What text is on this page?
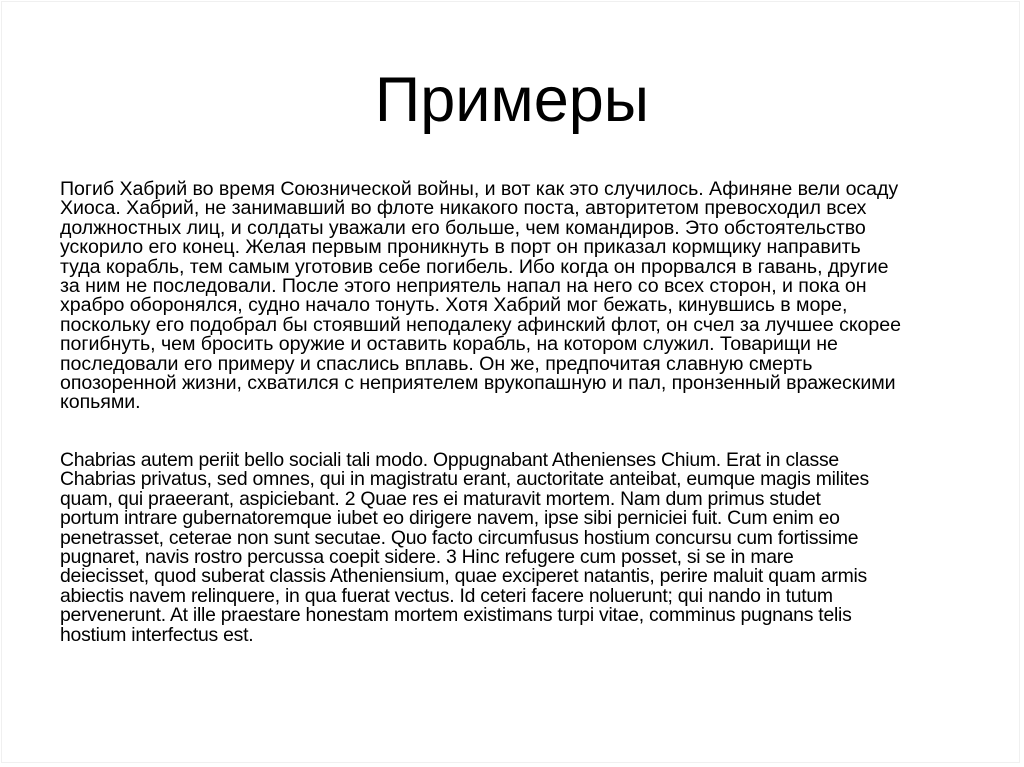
Примеры

Погиб Хабрий во время Союзнической войны, и вот как это случилось. Афиняне вели осаду
Хиоса. Хабрий, не занимавший во флоте никакого поста, авторитетом превосходил всех
должностных лиц, и солдаты уважали его больше, чем командиров. Это обстоятельство
ускорило его конец. Желая первым проникнуть в порт он приказал кормщику направить
туда корабль, тем самым уготовив себе погибель. Ибо когда он прорвался в гавань, другие
за ним не последовали. После этого неприятель напал на него со всех сторон, и пока он
храбро оборонялся, судно начало тонуть. Хотя Хабрий мог бежать, кинувшись в море,
поскольку его подобрал бы стоявший неподалеку афинский флот, он счел за лучшее скорее
погибнуть, чем бросить оружие и оставить корабль, на котором служил. Товарищи не
последовали его примеру и спаслись вплавь. Он же, предпочитая славную смерть
опозоренной жизни, схватился с неприятелем врукопашную и пал, пронзенный вражескими
копьями.

Chabrias autem periit bello sociali tali modo. Oppugnabant Athenienses Chium. Erat in classe
Chabrias privatus, sed omnes, qui in magistratu erant, auctoritate anteibat, eumque magis milites
quam, qui praeerant, aspiciebant. 2 Quae res ei maturavit mortem. Nam dum primus studet
portum intrare gubernatoremque iubet eo dirigere navem, ipse sibi perniciei fuit. Cum enim eo
penetrasset, ceterae non sunt secutae. Quo facto circumfusus hostium concursu cum fortissime
pugnaret, navis rostro percussa coepit sidere. 3 Hinc refugere cum posset, si se in mare
deiecisset, quod suberat classis Atheniensium, quae exciperet natantis, perire maluit quam armis
abiectis navem relinquere, in qua fuerat vectus. Id ceteri facere noluerunt; qui nando in tutum
pervenerunt. At ille praestare honestam mortem existimans turpi vitae, comminus pugnans telis
hostium interfectus est.
